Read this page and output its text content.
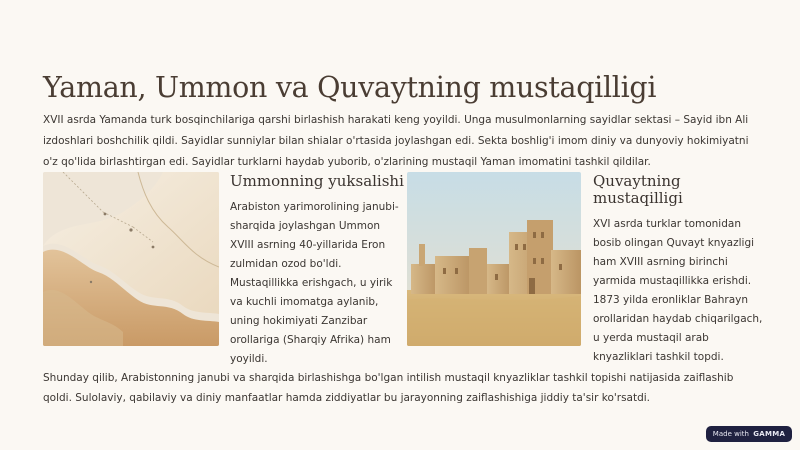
Yaman, Ummon va Quvaytning mustaqilligi
XVII asrda Yamanda turk bosqinchilariga qarshi birlashish harakati keng yoyildi. Unga musulmonlarning sayidlar sektasi – Sayid ibn Ali izdoshlari boshchilik qildi. Sayidlar sunniylar bilan shialar o'rtasida joylashgan edi. Sekta boshlig'i imom diniy va dunyoviy hokimiyatni o'z qo'lida birlashtirgan edi. Sayidlar turklarni haydab yuborib, o'zlarining mustaqil Yaman imomatini tashkil qildilar.
Ummonning yuksalishi
Arabiston yarimorolining janubi-sharqida joylashgan Ummon XVIII asrning 40-yillarida Eron zulmidan ozod bo'ldi. Mustaqillikka erishgach, u yirik va kuchli imomatga aylanib, uning hokimiyati Zanzibar orollariga (Sharqiy Afrika) ham yoyildi.
Quvaytning mustaqilligi
XVI asrda turklar tomonidan bosib olingan Quvayt knyazligi ham XVIII asrning birinchi yarmida mustaqillikka erishdi. 1873 yilda eronliklar Bahrayn orollaridan haydab chiqarilgach, u yerda mustaqil arab knyazliklari tashkil topdi.
Shunday qilib, Arabistonning janubi va sharqida birlashishga bo'lgan intilish mustaqil knyazliklar tashkil topishi natijasida zaiflashib qoldi. Sulolaviy, qabilaviy va diniy manfaatlar hamda ziddiyatlar bu jarayonning zaiflashishiga jiddiy ta'sir ko'rsatdi.
Made with GAMMA
